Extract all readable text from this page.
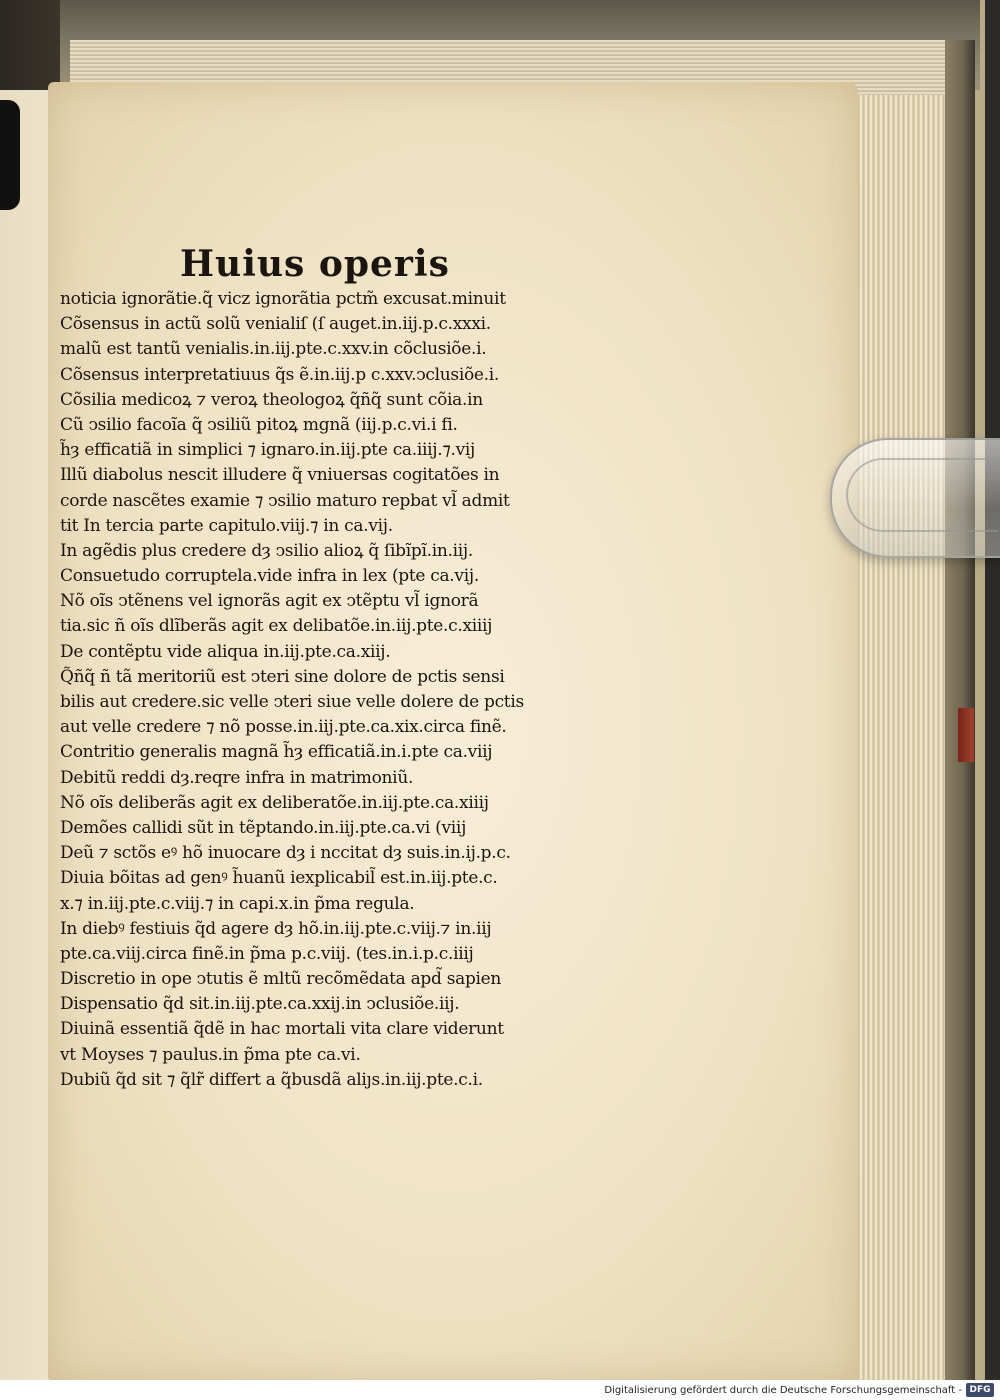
Huius operis
noticia ignorãtie.q̃ vicz ignorãtia pctm̃ excusat.minuit
Cõsensus in actũ solũ venialiſ (ſ auget.in.iij.p.c.xxxi.
malũ est tantũ venialis.in.iij.pte.c.xxv.in cõclusiõe.i.
Cõsensus interpretatiuus q̃s ẽ.in.iij.p c.xxv.ↄclusiõe.i.
Cõsilia medicoꝝ ⁊ veroꝝ theologoꝝ q̃ñq̃ sunt cõia.in
Cũ ↄsilio facoĩa q̃ ↄsiliũ pitoꝝ mgnã (iij.p.c.vi.i fi.
h̃ȝ efficatiã in simplici ⁊ ignaro.in.iij.pte ca.iiij.⁊.vij
Illũ diabolus nescit illudere q̃ vniuersas cogitatões in
corde nascẽtes examie ⁊ ↄsilio maturo repbat vl̃ admit
tit In tercia parte capitulo.viij.⁊ in ca.vij.
In agẽdis plus credere dȝ ↄsilio alioꝝ q̃ ſibĩpĩ.in.iij.
Consuetudo corruptela.vide infra in lex (pte ca.vij.
Nõ oĩs ↄtẽnens vel ignorãs agit ex ↄtẽptu vl̃ ignorã
tia.sic ñ oĩs dlĩberãs agit ex delibatõe.in.iij.pte.c.xiiij
De contẽptu vide aliqua in.iij.pte.ca.xiij.
Q̃ñq̃ ñ tã meritoriũ est ↄteri sine dolore de pctis sensi
bilis aut credere.sic velle ↄteri siue velle dolere de pctis
aut velle credere ⁊ nõ posse.in.iij.pte.ca.xix.circa finẽ.
Contritio generalis magnã h̃ȝ efficatiã.in.i.pte ca.viij
Debitũ reddi dȝ.reqre infra in matrimoniũ.
Nõ oĩs deliberãs agit ex deliberatõe.in.iij.pte.ca.xiiij
Demões callidi sũt in tẽptando.in.iij.pte.ca.vi (viij
Deũ ⁊ sctõs eꝰ hõ inuocare dȝ i nccitat dȝ suis.in.ij.p.c.
Diuia bõitas ad genꝰ h̃uanũ iexplicabil̃ est.in.iij.pte.c.
x.⁊ in.iij.pte.c.viij.⁊ in capi.x.in p̃ma regula.
In diebꝰ festiuis q̃d agere dȝ hõ.in.iij.pte.c.viij.⁊ in.iij
pte.ca.viij.circa finẽ.in p̃ma p.c.viij. (tes.in.i.p.c.iiij
Discretio in ope ↄtutis ẽ mltũ recõmẽdata apd̃ sapien
Dispensatio q̃d sit.in.iij.pte.ca.xxij.in ↄclusiõe.iij.
Diuinã essentiã q̃dẽ in hac mortali vita clare viderunt
vt Moyses ⁊ paulus.in p̃ma pte ca.vi.
Dubiũ q̃d sit ⁊ q̃lr̃ differt a q̃busdã aliȷs.in.iij.pte.c.i.
Digitalisierung gefördert durch die Deutsche Forschungsgemeinschaft - DFG
